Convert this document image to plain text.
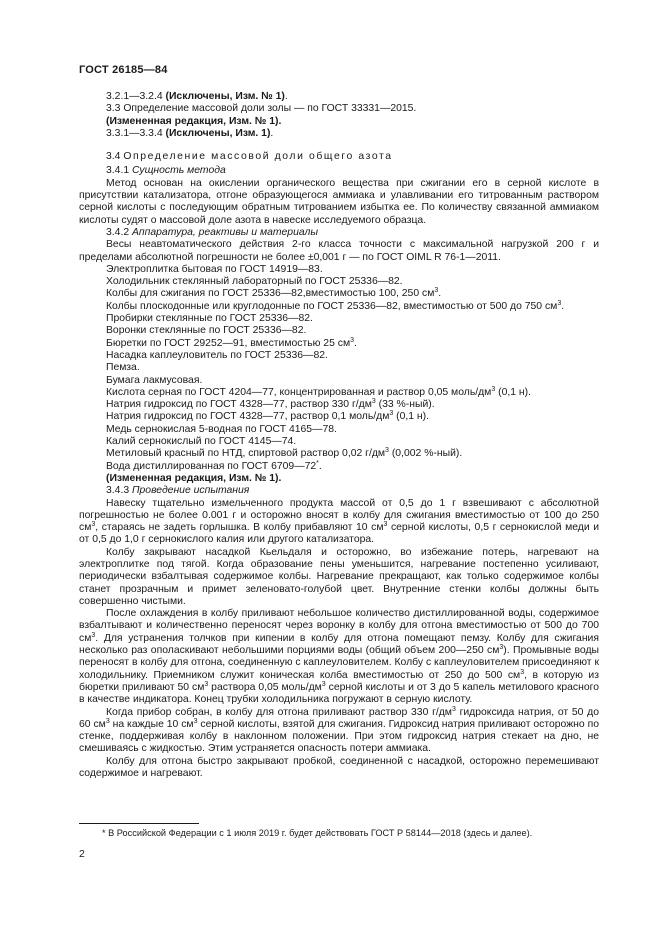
ГОСТ 26185—84

3.2.1—3.2.4 (Исключены, Изм. № 1).

3.3 Определение массовой доли золы — по ГОСТ 33331—2015.

(Измененная редакция, Изм. № 1).

3.3.1—3.3.4 (Исключены, Изм. 1).

3.4 Определение массовой доли общего азота

3.4.1 Сущность метода

Метод основан на окислении органического вещества при сжигании его в серной кислоте в присутствии катализатора, отгоне образующегося аммиака и улавливании его титрованным раствором серной кислоты с последующим обратным титрованием избытка ее. По количеству связанной аммиаком кислоты судят о массовой доле азота в навеске исследуемого образца.

3.4.2 Аппаратура, реактивы и материалы

Весы неавтоматического действия 2-го класса точности с максимальной нагрузкой 200 г и пределами абсолютной погрешности не более ±0,001 г — по ГОСТ OIML R 76-1—2011.

Электроплитка бытовая по ГОСТ 14919—83.

Холодильник стеклянный лабораторный по ГОСТ 25336—82.

Колбы для сжигания по ГОСТ 25336—82,вместимостью 100, 250 $см^3$.

Колбы плоскодонные или круглодонные по ГОСТ 25336—82, вместимостью от 500 до 750 $см^3$.

Пробирки стеклянные по ГОСТ 25336—82.

Воронки стеклянные по ГОСТ 25336—82.

Бюретки по ГОСТ 29252—91, вместимостью 25 $см^3$.

Насадка каплеуловитель по ГОСТ 25336—82.

Пемза.

Бумага лакмусовая.

Кислота серная по ГОСТ 4204—77, концентрированная и раствор 0,05 моль/$дм^3$ (0,1 н).

Натрия гидроксид по ГОСТ 4328—77, раствор 330 $г/дм^3$ (33 %-ный).

Натрия гидроксид по ГОСТ 4328—77, раствор 0,1 моль/$дм^3$ (0,1 н).

Медь сернокислая 5-водная по ГОСТ 4165—78.

Калий сернокислый по ГОСТ 4145—74.

Метиловый красный по НТД, спиртовой раствор 0,02 $г/дм^3$ (0,002 %-ный).

Вода дистиллированная по ГОСТ 6709—72*.

(Измененная редакция, Изм. № 1).

3.4.3 Проведение испытания

Навеску тщательно измельченного продукта массой от 0,5 до 1 г взвешивают с абсолютной погрешностью не более 0.001 г и осторожно вносят в колбу для сжигания вместимостью от 100 до 250 $см^3$, стараясь не задеть горлышка. В колбу прибавляют 10 $см^3$ серной кислоты, 0,5 г сернокислой меди и от 0,5 до 1,0 г сернокислого калия или другого катализатора.

Колбу закрывают насадкой Кьельдаля и осторожно, во избежание потерь, нагревают на электроплитке под тягой. Когда образование пены уменьшится, нагревание постепенно усиливают, периодически взбалтывая содержимое колбы. Нагревание прекращают, как только содержимое колбы станет прозрачным и примет зеленовато-голубой цвет. Внутренние стенки колбы должны быть совершенно чистыми.

После охлаждения в колбу приливают небольшое количество дистиллированной воды, содержимое взбалтывают и количественно переносят через воронку в колбу для отгона вместимостью от 500 до 700 $см^3$. Для устранения толчков при кипении в колбу для отгона помещают пемзу. Колбу для сжигания несколько раз ополаскивают небольшими порциями воды (общий объем 200—250 $см^3$). Промывные воды переносят в колбу для отгона, соединенную с каплеуловителем. Колбу с каплеуловителем присоединяют к холодильнику. Приемником служит коническая колба вместимостью от 250 до 500 $см^3$, в которую из бюретки приливают 50 $см^3$ раствора 0,05 моль/$дм^3$ серной кислоты и от 3 до 5 капель метилового красного в качестве индикатора. Конец трубки холодильника погружают в серную кислоту.

Когда прибор собран, в колбу для отгона приливают раствор 330 $г/дм^3$ гидроксида натрия, от 50 до 60 $см^3$ на каждые 10 $см^3$ серной кислоты, взятой для сжигания. Гидроксид натрия приливают осторожно по стенке, поддерживая колбу в наклонном положении. При этом гидроксид натрия стекает на дно, не смешиваясь с жидкостью. Этим устраняется опасность потери аммиака.

Колбу для отгона быстро закрывают пробкой, соединенной с насадкой, осторожно перемешивают содержимое и нагревают.

* В Российской Федерации с 1 июля 2019 г. будет действовать ГОСТ Р 58144—2018 (здесь и далее).
2
